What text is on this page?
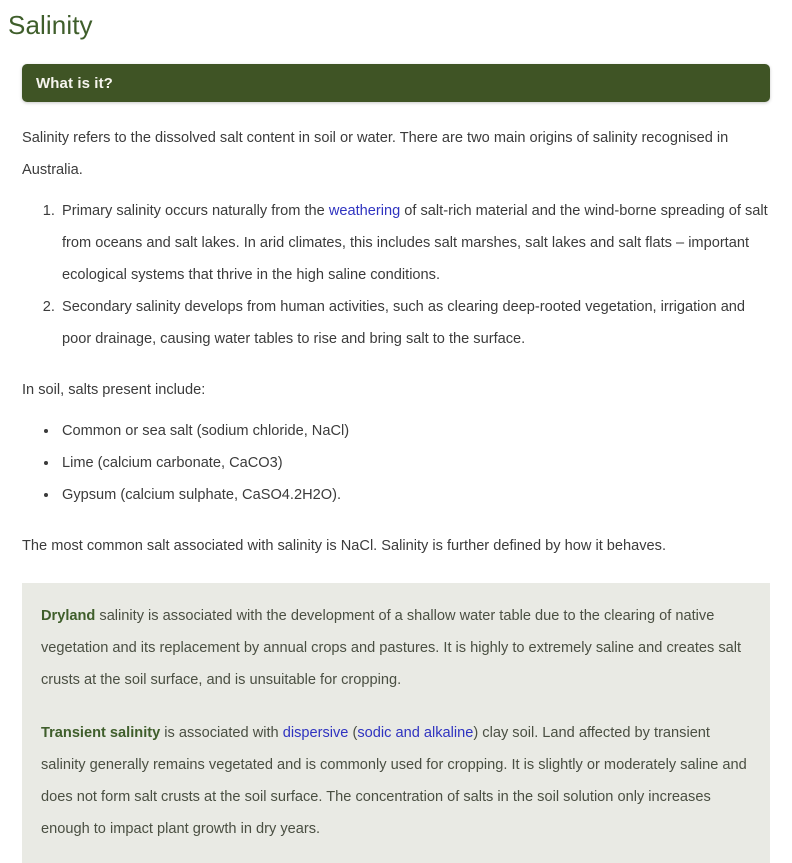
Salinity
What is it?

Salinity refers to the dissolved salt content in soil or water. There are two main origins of salinity recognised in Australia.

1. Primary salinity occurs naturally from the weathering of salt-rich material and the wind-borne spreading of salt from oceans and salt lakes. In arid climates, this includes salt marshes, salt lakes and salt flats – important ecological systems that thrive in the high saline conditions.
2. Secondary salinity develops from human activities, such as clearing deep-rooted vegetation, irrigation and poor drainage, causing water tables to rise and bring salt to the surface.

In soil, salts present include:

• Common or sea salt (sodium chloride, NaCl)
• Lime (calcium carbonate, CaCO3)
• Gypsum (calcium sulphate, CaSO4.2H2O).

The most common salt associated with salinity is NaCl. Salinity is further defined by how it behaves.

Dryland salinity is associated with the development of a shallow water table due to the clearing of native vegetation and its replacement by annual crops and pastures. It is highly to extremely saline and creates salt crusts at the soil surface, and is unsuitable for cropping.

Transient salinity is associated with dispersive (sodic and alkaline) clay soil. Land affected by transient salinity generally remains vegetated and is commonly used for cropping. It is slightly or moderately saline and does not form salt crusts at the soil surface. The concentration of salts in the soil solution only increases enough to impact plant growth in dry years.
